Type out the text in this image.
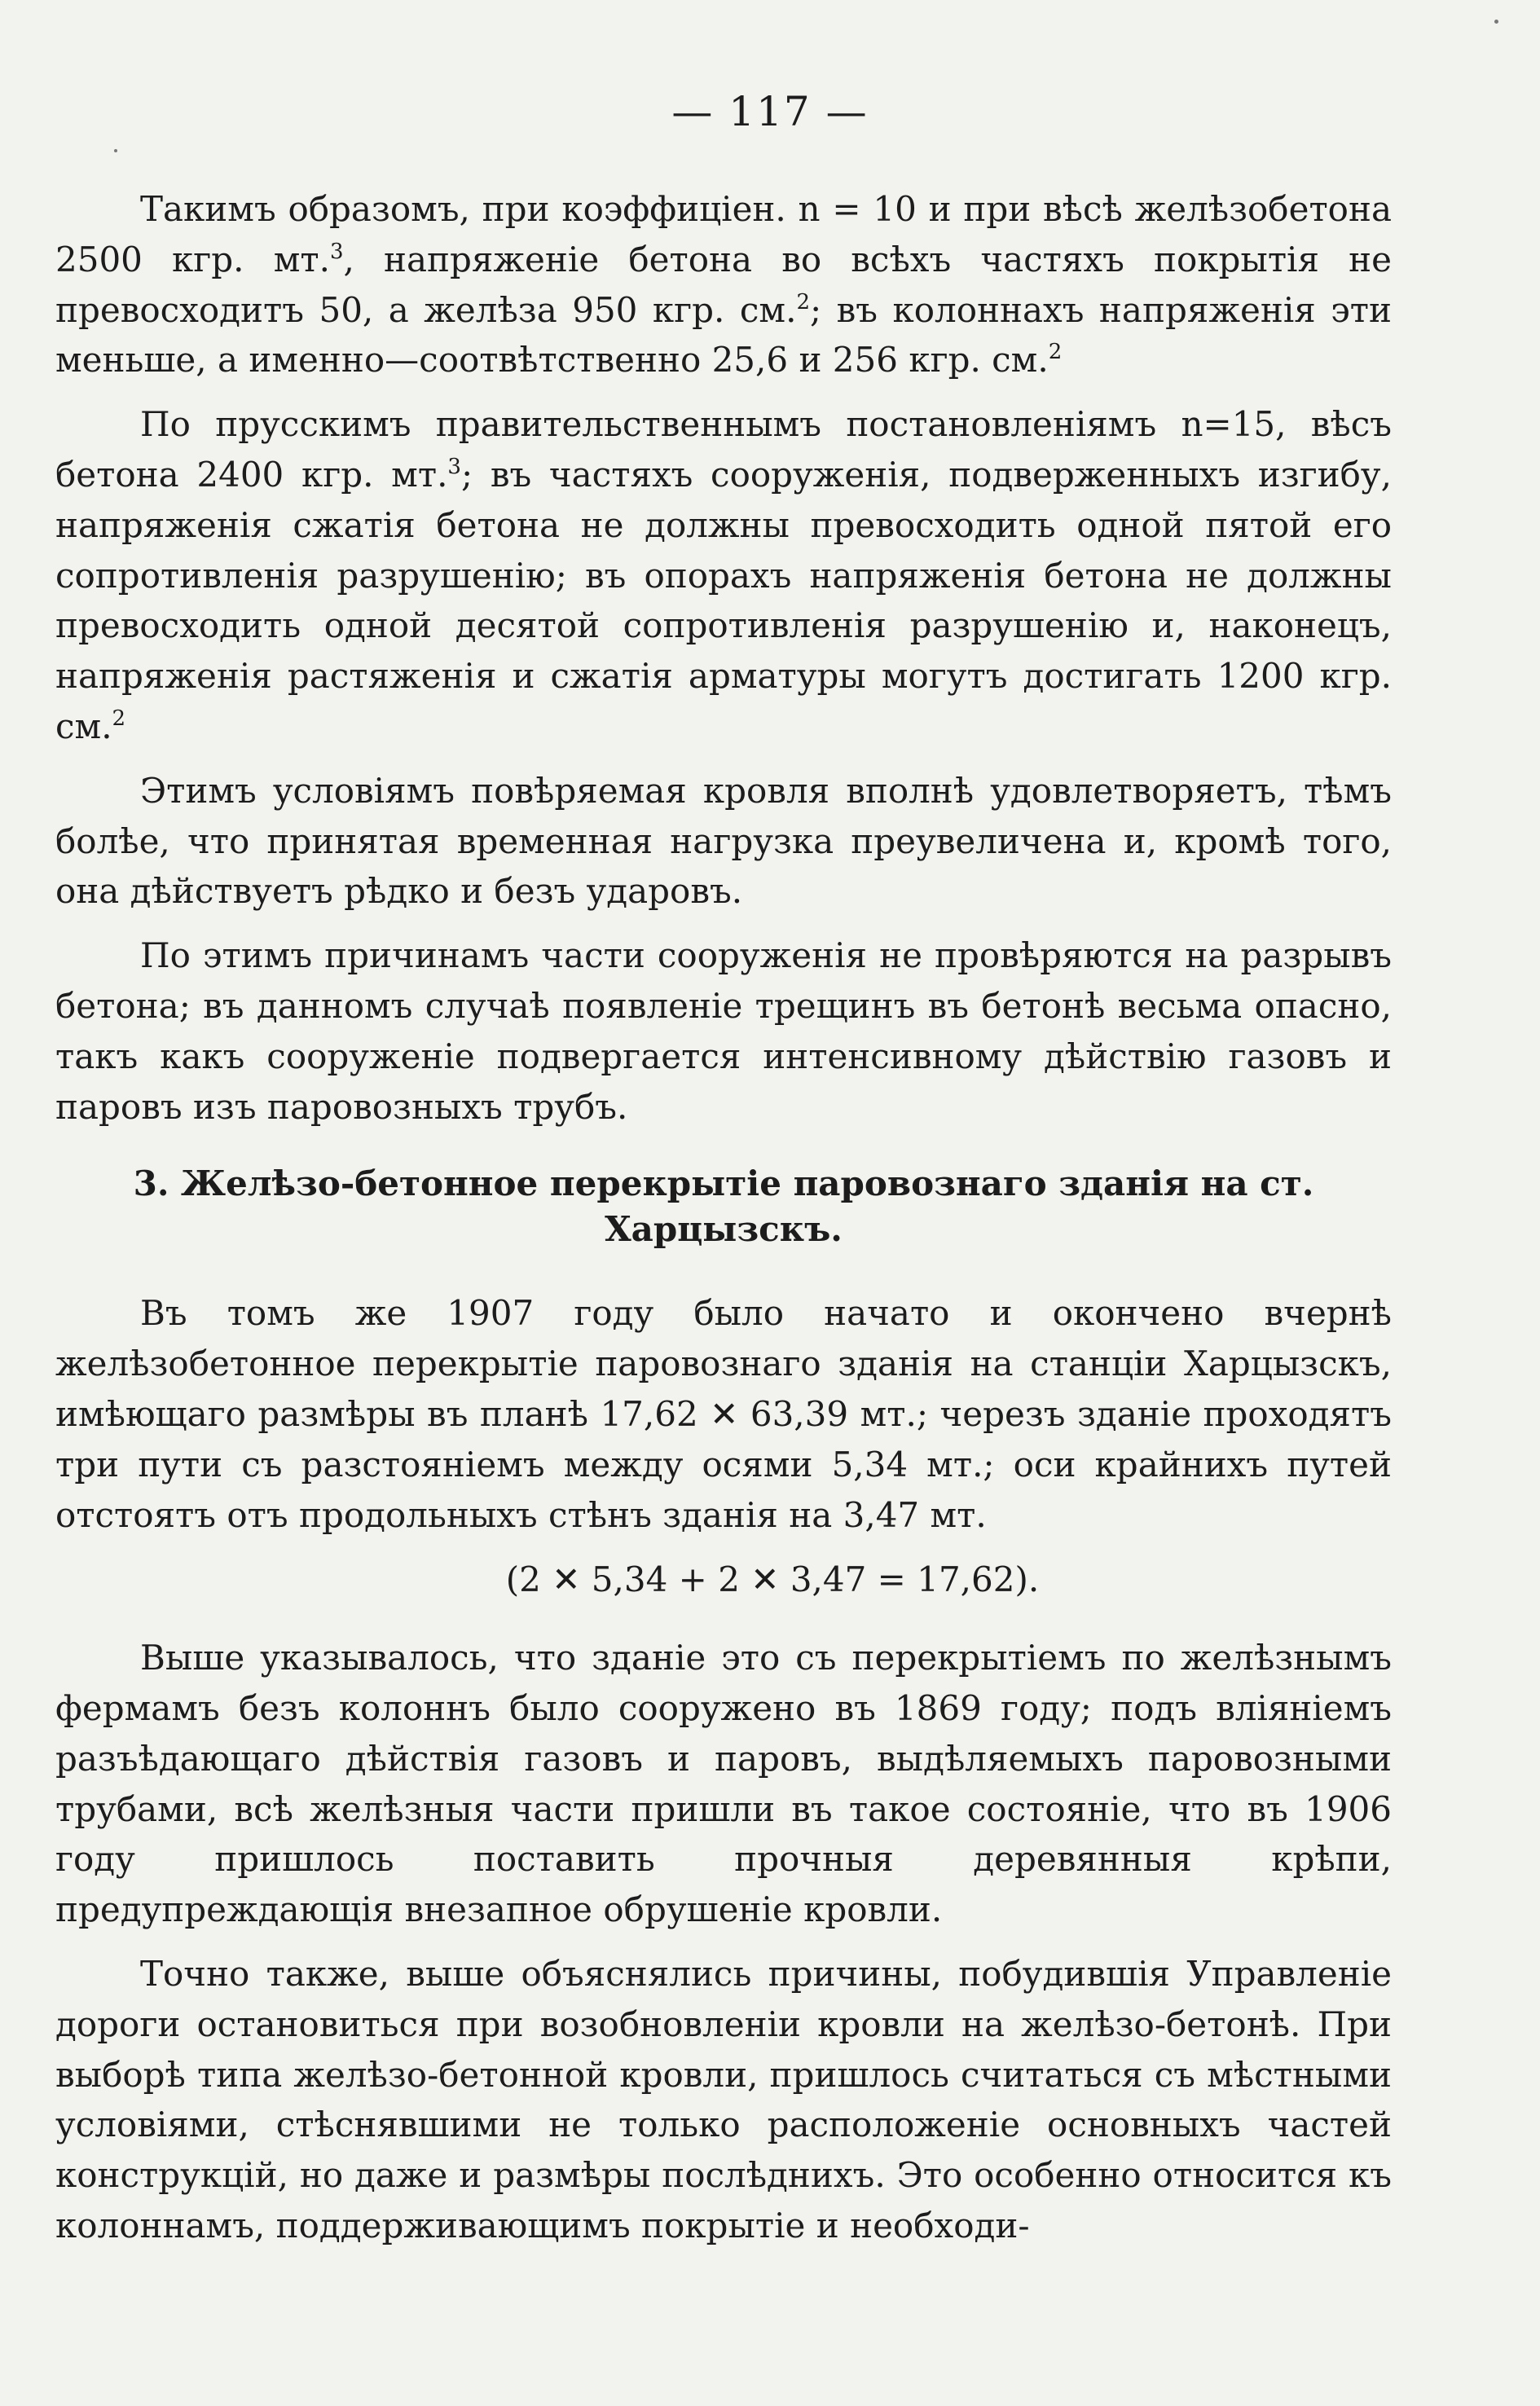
— 117 —

Такимъ образомъ, при коэффиціен. n = 10 и при вѣсѣ желѣзобетона 2500 кгр. мт.$^3$, напряженіе бетона во всѣхъ частяхъ покрытія не превосходитъ 50, а желѣза 950 кгр. см.$^2$; въ колоннахъ напряженія эти меньше, а именно—соотвѣтственно 25,6 и 256 кгр. см.$^2$

По прусскимъ правительственнымъ постановленіямъ n=15, вѣсъ бетона 2400 кгр. мт.$^3$; въ частяхъ сооруженія, подверженныхъ изгибу, напряженія сжатія бетона не должны превосходить одной пятой его сопротивленія разрушенію; въ опорахъ напряженія бетона не должны превосходить одной десятой сопротивленія разрушенію и, наконецъ, напряженія растяженія и сжатія арматуры могутъ достигать 1200 кгр. см.$^2$

Этимъ условіямъ повѣряемая кровля вполнѣ удовлетворяетъ, тѣмъ болѣе, что принятая временная нагрузка преувеличена и, кромѣ того, она дѣйствуетъ рѣдко и безъ ударовъ.

По этимъ причинамъ части сооруженія не провѣряются на разрывъ бетона; въ данномъ случаѣ появленіе трещинъ въ бетонѣ весьма опасно, такъ какъ сооруженіе подвергается интенсивному дѣйствію газовъ и паровъ изъ паровозныхъ трубъ.

3. Желѣзо-бетонное перекрытіе паровознаго зданія на ст. Харцызскъ.

Въ томъ же 1907 году было начато и окончено вчернѣ желѣзобетонное перекрытіе паровознаго зданія на станціи Харцызскъ, имѣющаго размѣры въ планѣ 17,62 ✕ 63,39 мт.; черезъ зданіе проходятъ три пути съ разстояніемъ между осями 5,34 мт.; оси крайнихъ путей отстоятъ отъ продольныхъ стѣнъ зданія на 3,47 мт.

(2 ✕ 5,34 + 2 ✕ 3,47 = 17,62).

Выше указывалось, что зданіе это съ перекрытіемъ по желѣзнымъ фермамъ безъ колоннъ было сооружено въ 1869 году; подъ вліяніемъ разъѣдающаго дѣйствія газовъ и паровъ, выдѣляемыхъ паровозными трубами, всѣ желѣзныя части пришли въ такое состояніе, что въ 1906 году пришлось поставить прочныя деревянныя крѣпи, предупреждающія внезапное обрушеніе кровли.

Точно также, выше объяснялись причины, побудившія Управленіе дороги остановиться при возобновленіи кровли на желѣзо-бетонѣ. При выборѣ типа желѣзо-бетонной кровли, пришлось считаться съ мѣстными условіями, стѣснявшими не только расположеніе основныхъ частей конструкцій, но даже и размѣры послѣднихъ. Это особенно относится къ колоннамъ, поддерживающимъ покрытіе и необходи-
